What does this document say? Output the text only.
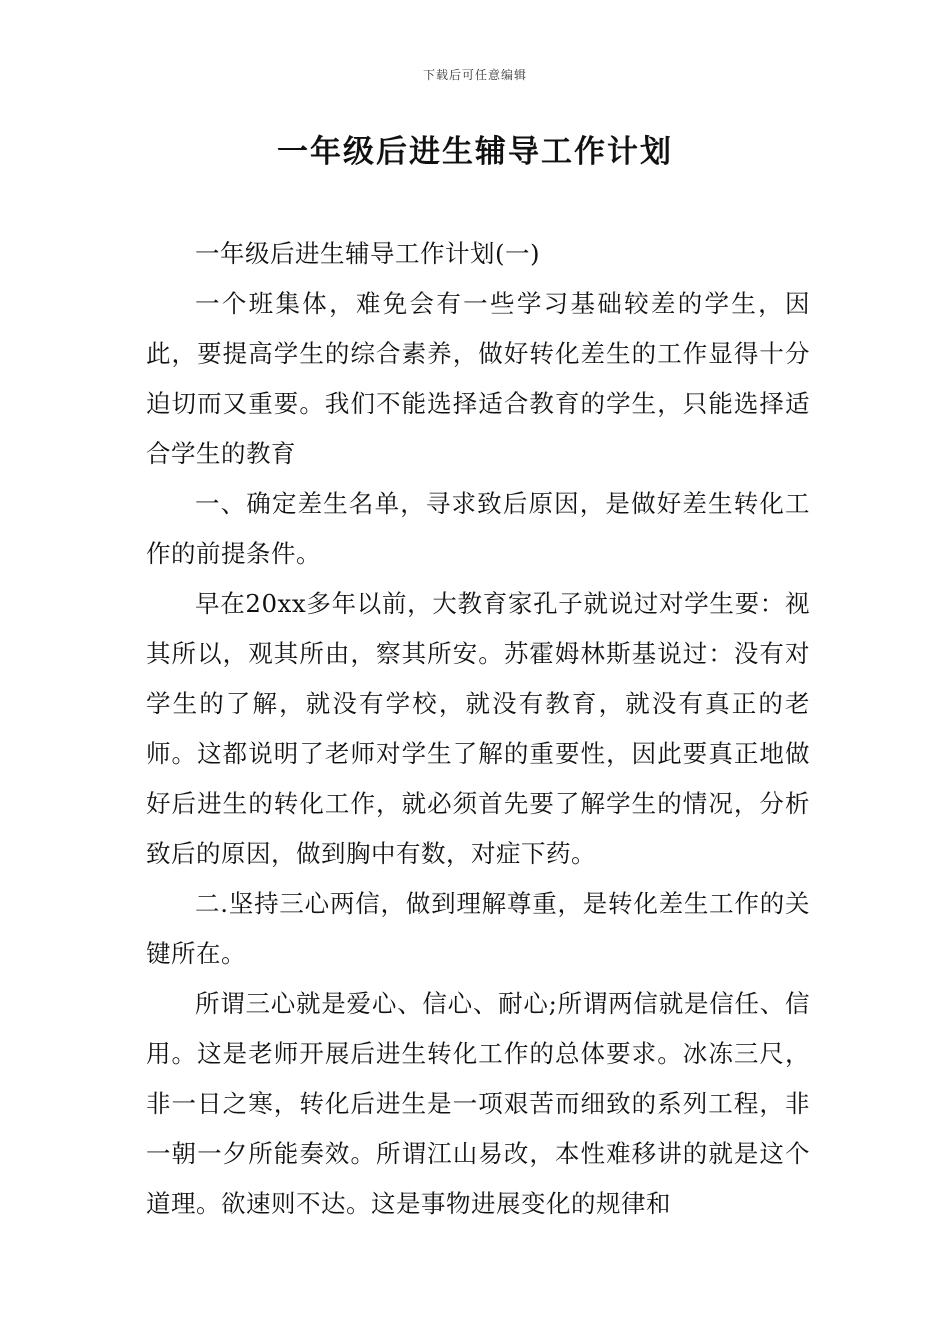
下载后可任意编辑
一年级后进生辅导工作计划

一年级后进生辅导工作计划(一)

一个班集体，难免会有一些学习基础较差的学生，因此，要提高学生的综合素养，做好转化差生的工作显得十分迫切而又重要。我们不能选择适合教育的学生，只能选择适合学生的教育

一、确定差生名单，寻求致后原因，是做好差生转化工作的前提条件。

早在20xx多年以前，大教育家孔子就说过对学生要：视其所以，观其所由，察其所安。苏霍姆林斯基说过：没有对学生的了解，就没有学校，就没有教育，就没有真正的老师。这都说明了老师对学生了解的重要性，因此要真正地做好后进生的转化工作，就必须首先要了解学生的情况，分析致后的原因，做到胸中有数，对症下药。

二.坚持三心两信，做到理解尊重，是转化差生工作的关键所在。

所谓三心就是爱心、信心、耐心;所谓两信就是信任、信用。这是老师开展后进生转化工作的总体要求。冰冻三尺，非一日之寒，转化后进生是一项艰苦而细致的系列工程，非一朝一夕所能奏效。所谓江山易改，本性难移讲的就是这个道理。欲速则不达。这是事物进展变化的规律和
